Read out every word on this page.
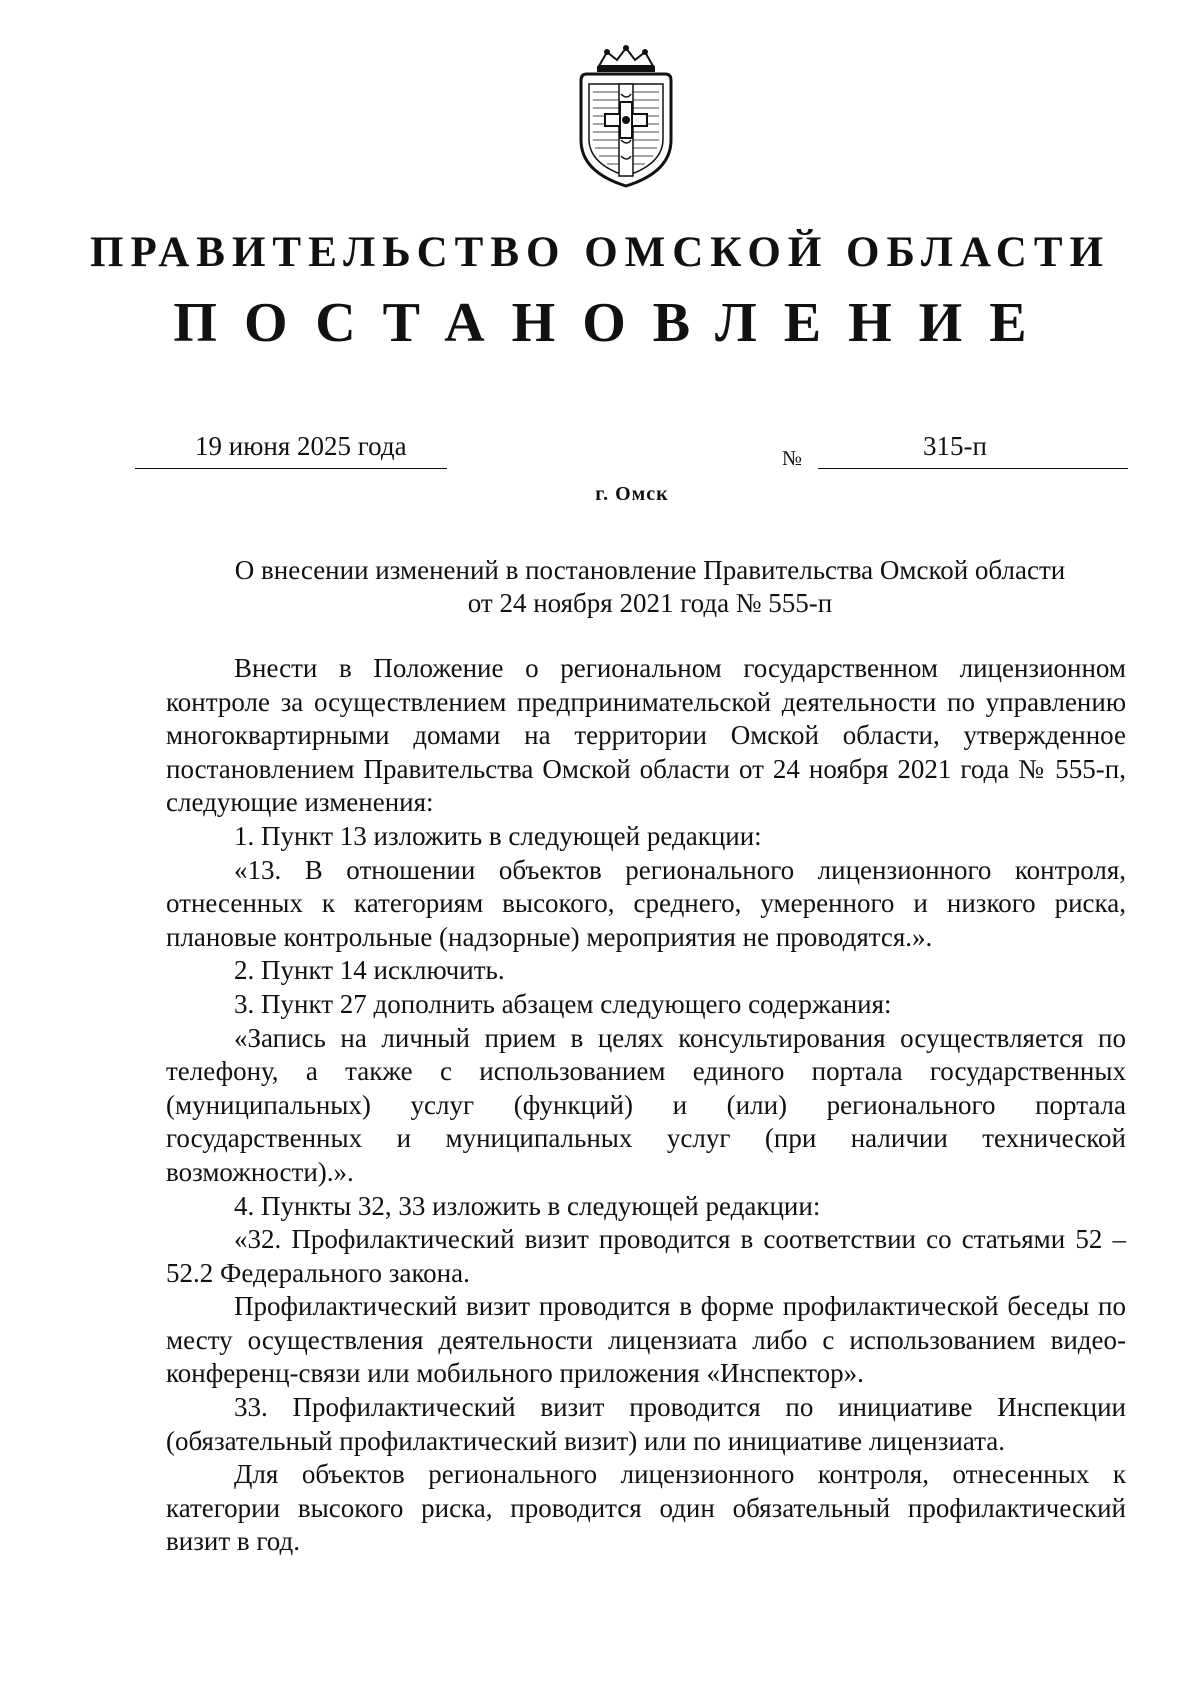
ПРАВИТЕЛЬСТВО ОМСКОЙ ОБЛАСТИ
ПОСТАНОВЛЕНИЕ
19 июня 2025 года	№	315-п
г. Омск
О внесении изменений в постановление Правительства Омской области
от 24 ноября 2021 года № 555-п

Внести в Положение о региональном государственном лицензионном контроле за осуществлением предпринимательской деятельности по управлению многоквартирными домами на территории Омской области, утвержденное постановлением Правительства Омской области от 24 ноября 2021 года № 555-п, следующие изменения:

1. Пункт 13 изложить в следующей редакции:

«13. В отношении объектов регионального лицензионного контроля, отнесенных к категориям высокого, среднего, умеренного и низкого риска, плановые контрольные (надзорные) мероприятия не проводятся.».

2. Пункт 14 исключить.

3. Пункт 27 дополнить абзацем следующего содержания:

«Запись на личный прием в целях консультирования осуществляется по телефону, а также с использованием единого портала государственных (муниципальных) услуг (функций) и (или) регионального портала государственных и муниципальных услуг (при наличии технической возможности).».

4. Пункты 32, 33 изложить в следующей редакции:

«32. Профилактический визит проводится в соответствии со статьями 52 – 52.2 Федерального закона.

Профилактический визит проводится в форме профилактической беседы по месту осуществления деятельности лицензиата либо с использованием видео-конференц-связи или мобильного приложения «Инспектор».

33. Профилактический визит проводится по инициативе Инспекции (обязательный профилактический визит) или по инициативе лицензиата.

Для объектов регионального лицензионного контроля, отнесенных к категории высокого риска, проводится один обязательный профилактический визит в год.
